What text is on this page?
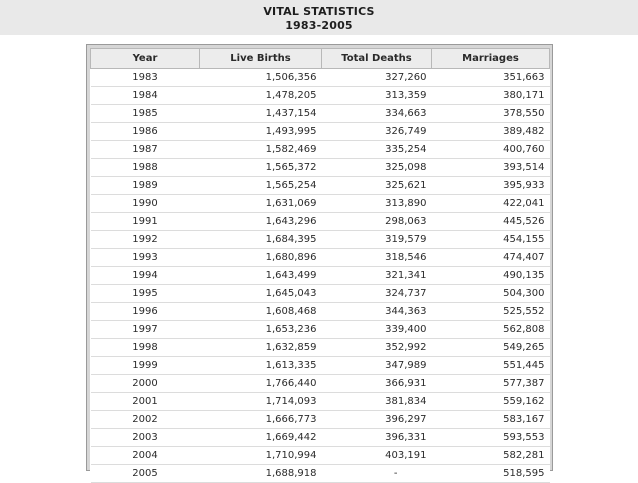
VITAL STATISTICS
1983-2005
Year	Live Births	Total Deaths	Marriages
1983	1,506,356	327,260	351,663
1984	1,478,205	313,359	380,171
1985	1,437,154	334,663	378,550
1986	1,493,995	326,749	389,482
1987	1,582,469	335,254	400,760
1988	1,565,372	325,098	393,514
1989	1,565,254	325,621	395,933
1990	1,631,069	313,890	422,041
1991	1,643,296	298,063	445,526
1992	1,684,395	319,579	454,155
1993	1,680,896	318,546	474,407
1994	1,643,499	321,341	490,135
1995	1,645,043	324,737	504,300
1996	1,608,468	344,363	525,552
1997	1,653,236	339,400	562,808
1998	1,632,859	352,992	549,265
1999	1,613,335	347,989	551,445
2000	1,766,440	366,931	577,387
2001	1,714,093	381,834	559,162
2002	1,666,773	396,297	583,167
2003	1,669,442	396,331	593,553
2004	1,710,994	403,191	582,281
2005	1,688,918	-	518,595
